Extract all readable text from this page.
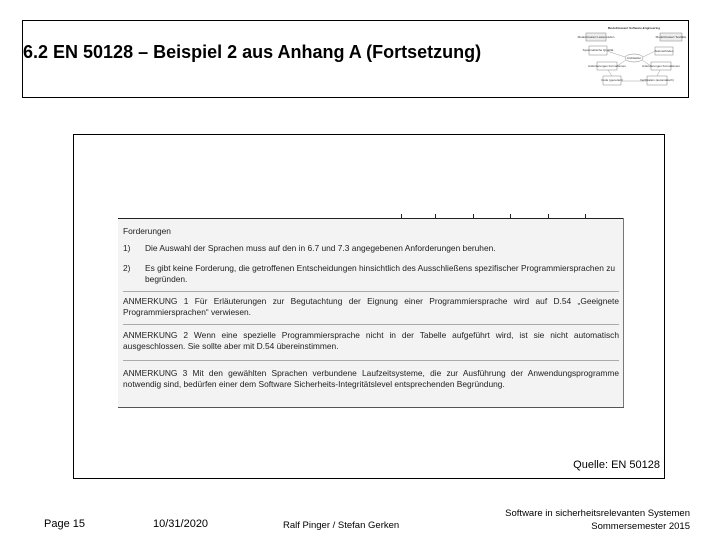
6.2 EN 50128 – Beispiel 2 aus Anhang A (Fortsetzung)
Modell-basiert Software-Engineering
Modell-basiert Lastenstufen	Modell-basiert Testfälle
Systematische Qualität	Testmethoden
Architektur
Anforderungen Formalismen	Anforderungen Formalismen
Code (generiert)	Verifikation (automatisch)

Forderungen

1) Die Auswahl der Sprachen muss auf den in 6.7 und 7.3 angegebenen Anforderungen beruhen.

2) Es gibt keine Forderung, die getroffenen Entscheidungen hinsichtlich des Ausschließens spezifischer Programmiersprachen zu begründen.

ANMERKUNG 1 Für Erläuterungen zur Begutachtung der Eignung einer Programmiersprache wird auf D.54 „Geeignete Programmiersprachen“ verwiesen.

ANMERKUNG 2 Wenn eine spezielle Programmiersprache nicht in der Tabelle aufgeführt wird, ist sie nicht automatisch ausgeschlossen. Sie sollte aber mit D.54 übereinstimmen.

ANMERKUNG 3 Mit den gewählten Sprachen verbundene Laufzeitsysteme, die zur Ausführung der Anwendungsprogramme notwendig sind, bedürfen einer dem Software Sicherheits-Integritätslevel entsprechenden Begründung.

Quelle: EN 50128
Page 15	10/31/2020	Ralf Pinger / Stefan Gerken
Software in sicherheitsrelevanten Systemen
Sommersemester 2015
